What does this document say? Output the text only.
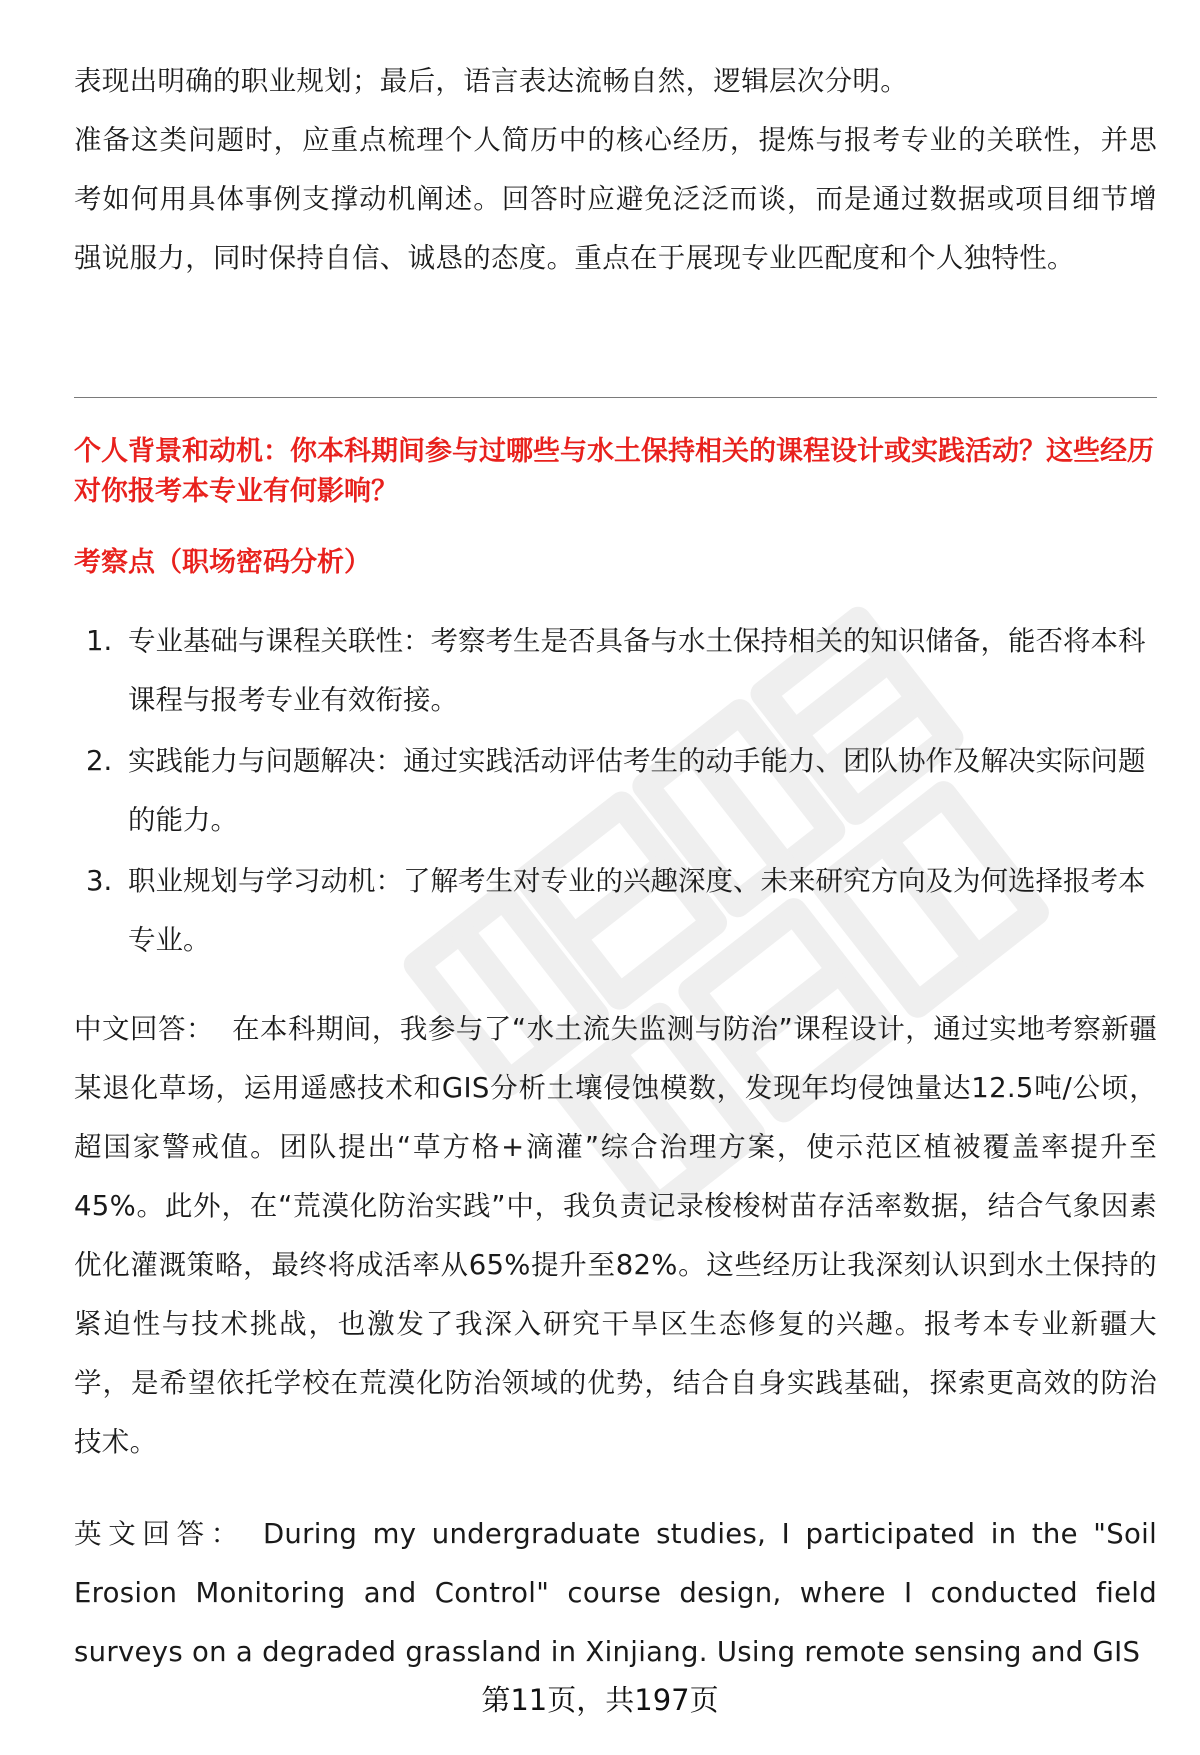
表现出明确的职业规划；最后，语言表达流畅自然，逻辑层次分明。

准备这类问题时，应重点梳理个人简历中的核心经历，提炼与报考专业的关联性，并思考如何用具体事例支撑动机阐述。回答时应避免泛泛而谈，而是通过数据或项目细节增强说服力，同时保持自信、诚恳的态度。重点在于展现专业匹配度和个人独特性。

个人背景和动机：你本科期间参与过哪些与水土保持相关的课程设计或实践活动？这些经历对你报考本专业有何影响？

考察点（职场密码分析）

1. 专业基础与课程关联性：考察考生是否具备与水土保持相关的知识储备，能否将本科课程与报考专业有效衔接。
2. 实践能力与问题解决：通过实践活动评估考生的动手能力、团队协作及解决实际问题的能力。
3. 职业规划与学习动机：了解考生对专业的兴趣深度、未来研究方向及为何选择报考本专业。

中文回答： 在本科期间，我参与了“水土流失监测与防治”课程设计，通过实地考察新疆某退化草场，运用遥感技术和GIS分析土壤侵蚀模数，发现年均侵蚀量达12.5吨/公顷，超国家警戒值。团队提出“草方格+滴灌”综合治理方案，使示范区植被覆盖率提升至45%。此外，在“荒漠化防治实践”中，我负责记录梭梭树苗存活率数据，结合气象因素优化灌溉策略，最终将成活率从65%提升至82%。这些经历让我深刻认识到水土保持的紧迫性与技术挑战，也激发了我深入研究干旱区生态修复的兴趣。报考本专业新疆大学，是希望依托学校在荒漠化防治领域的优势，结合自身实践基础，探索更高效的防治技术。

英文回答： During my undergraduate studies, I participated in the "Soil Erosion Monitoring and Control" course design, where I conducted field surveys on a degraded grassland in Xinjiang. Using remote sensing and GIS

第11页，共197页
